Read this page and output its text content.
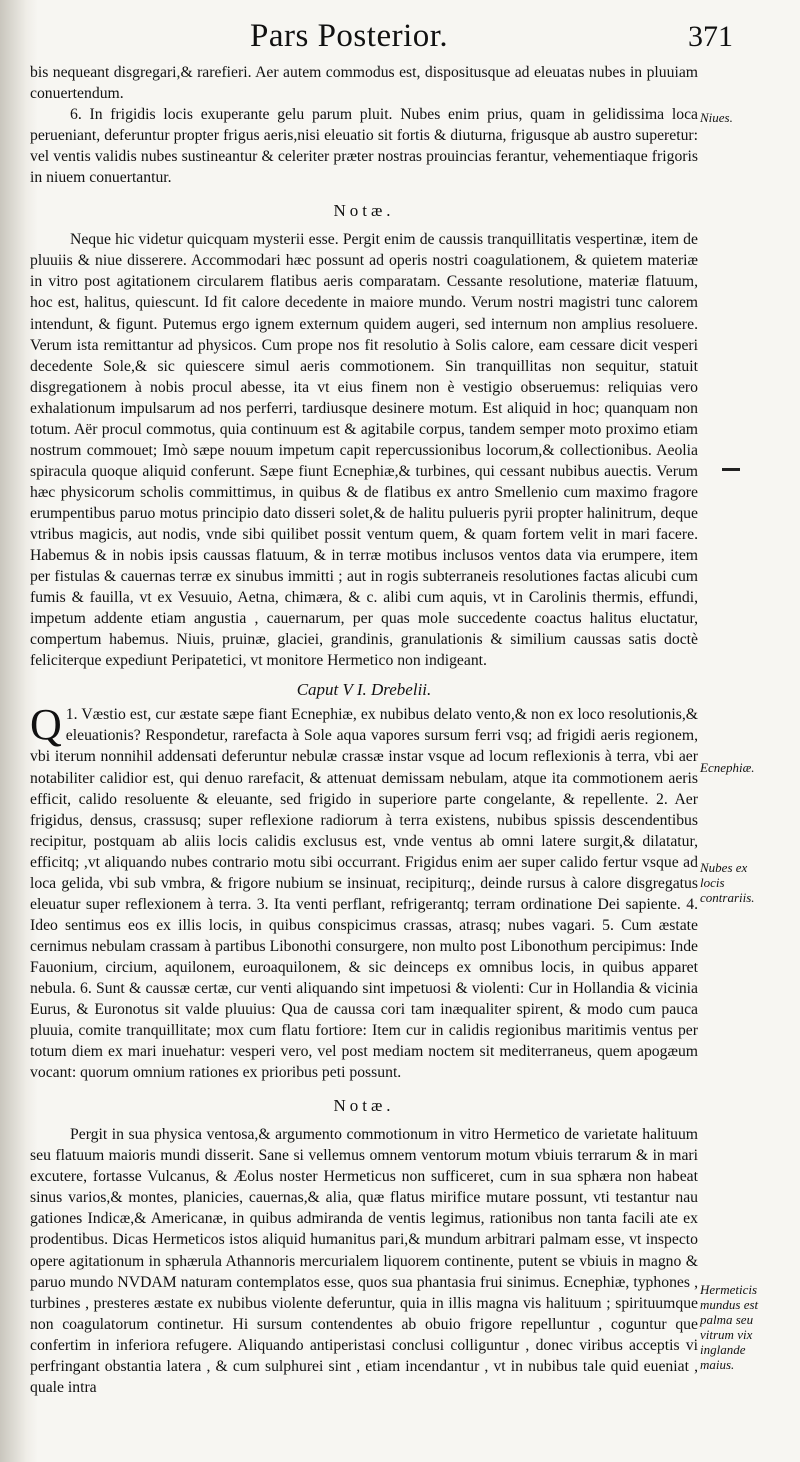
Pars Posterior.	371

bis nequeant disgregari,& rarefieri. Aer autem commodus est, dispositusque ad eleuatas nubes in pluuiam conuertendum.

6. In frigidis locis exuperante gelu parum pluit. Nubes enim prius, quam in gelidissima loca perueniant, deferuntur propter frigus aeris,nisi eleuatio sit fortis & diuturna, frigusque ab austro superetur: vel ventis validis nubes sustineantur & celeriter præter nostras prouincias ferantur, vehementiaque frigoris in niuem conuertantur.

Notæ.

Neque hic videtur quicquam mysterii esse. Pergit enim de caussis tranquillitatis vespertinæ, item de pluuiis & niue disserere. Accommodari hæc possunt ad operis nostri coagulationem, & quietem materiæ in vitro post agitationem circularem flatibus aeris comparatam. Cessante resolutione, materiæ flatuum, hoc est, halitus, quiescunt. Id fit calore decedente in maiore mundo. Verum nostri magistri tunc calorem intendunt, & figunt. Putemus ergo ignem externum quidem augeri, sed internum non amplius resoluere. Verum ista remittantur ad physicos. Cum prope nos fit resolutio à Solis calore, eam cessare dicit vesperi decedente Sole,& sic quiescere simul aeris commotionem. Sin tranquillitas non sequitur, statuit disgregationem à nobis procul abesse, ita vt eius finem non è vestigio obseruemus: reliquias vero exhalationum impulsarum ad nos perferri, tardiusque desinere motum. Est aliquid in hoc; quanquam non totum. Aër procul commotus, quia continuum est & agitabile corpus, tandem semper moto proximo etiam nostrum commouet; Imò sæpe nouum impetum capit repercussionibus locorum,& collectionibus. Aeolia spiracula quoque aliquid conferunt. Sæpe fiunt Ecnephiæ,& turbines, qui cessant nubibus auectis. Verum hæc physicorum scholis committimus, in quibus & de flatibus ex antro Smellenio cum maximo fragore erumpentibus paruo motus principio dato disseri solet,& de halitu pulueris pyrii propter halinitrum, deque vtribus magicis, aut nodis, vnde sibi quilibet possit ventum quem, & quam fortem velit in mari facere. Habemus & in nobis ipsis caussas flatuum, & in terræ motibus inclusos ventos data via erumpere, item per fistulas & cauernas terræ ex sinubus immitti ; aut in rogis subterraneis resolutiones factas alicubi cum fumis & fauilla, vt ex Vesuuio, Aetna, chimæra, & c. alibi cum aquis, vt in Carolinis thermis, effundi, impetum addente etiam angustia , cauernarum, per quas mole succedente coactus halitus eluctatur, compertum habemus. Niuis, pruinæ, glaciei, grandinis, granulationis & similium caussas satis doctè feliciterque expediunt Peripatetici, vt monitore Hermetico non indigeant.

Caput V I. Drebelii.

Q 1. Væstio est, cur æstate sæpe fiant Ecnephiæ, ex nubibus delato vento,& non ex loco resolutionis,& eleuationis? Respondetur, rarefacta à Sole aqua vapores sursum ferri vsq; ad frigidi aeris regionem, vbi iterum nonnihil addensati deferuntur nebulæ crassæ instar vsque ad locum reflexionis à terra, vbi aer notabiliter calidior est, qui denuo rarefacit, & attenuat demissam nebulam, atque ita commotionem aeris efficit, calido resoluente & eleuante, sed frigido in superiore parte congelante, & repellente. 2. Aer frigidus, densus, crassusq; super reflexione radiorum à terra existens, nubibus spissis descendentibus recipitur, postquam ab aliis locis calidis exclusus est, vnde ventus ab omni latere surgit,& dilatatur, efficitq; ,vt aliquando nubes contrario motu sibi occurrant. Frigidus enim aer super calido fertur vsque ad loca gelida, vbi sub vmbra, & frigore nubium se insinuat, recipiturq;, deinde rursus à calore disgregatus eleuatur super reflexionem à terra. 3. Ita venti perflant, refrigerantq; terram ordinatione Dei sapiente. 4. Ideo sentimus eos ex illis locis, in quibus conspicimus crassas, atrasq; nubes vagari. 5. Cum æstate cernimus nebulam crassam à partibus Libonothi consurgere, non multo post Libonothum percipimus: Inde Fauonium, circium, aquilonem, euroaquilonem, & sic deinceps ex omnibus locis, in quibus apparet nebula. 6. Sunt & caussæ certæ, cur venti aliquando sint impetuosi & violenti: Cur in Hollandia & vicinia Eurus, & Euronotus sit valde pluuius: Qua de caussa cori tam inæqualiter spirent, & modo cum pauca pluuia, comite tranquillitate; mox cum flatu fortiore: Item cur in calidis regionibus maritimis ventus per totum diem ex mari inuehatur: vesperi vero, vel post mediam noctem sit mediterraneus, quem apogæum vocant: quorum omnium rationes ex prioribus peti possunt.

Notæ.

Pergit in sua physica ventosa,& argumento commotionum in vitro Hermetico de varietate halituum seu flatuum maioris mundi disserit. Sane si vellemus omnem ventorum motum vbiuis terrarum & in mari excutere, fortasse Vulcanus, & Æolus noster Hermeticus non sufficeret, cum in sua sphæra non habeat sinus varios,& montes, planicies, cauernas,& alia, quæ flatus mirifice mutare possunt, vti testantur nau gationes Indicæ,& Americanæ, in quibus admiranda de ventis legimus, rationibus non tanta facili ate ex prodentibus. Dicas Hermeticos istos aliquid humanitus pari,& mundum arbitrari palmam esse, vt inspecto opere agitationum in sphærula Athannoris mercurialem liquorem continente, putent se vbiuis in magno & paruo mundo NVDAM naturam contemplatos esse, quos sua phantasia frui sinimus. Ecnephiæ, typhones , turbines , presteres æstate ex nubibus violente deferuntur, quia in illis magna vis halituum ; spirituumque non coagulatorum continetur. Hi sursum contendentes ab obuio frigore repelluntur , coguntur que confertim in inferiora refugere. Aliquando antiperistasi conclusi colliguntur , donec viribus acceptis vi perfringant obstantia latera , & cum sulphurei sint , etiam incendantur , vt in nubibus tale quid eueniat , quale intra

Niues.
Ecnephiæ.
Nubes ex locis contrariis.
Hermeticis mundus est palma seu vitrum vix inglande maius.
